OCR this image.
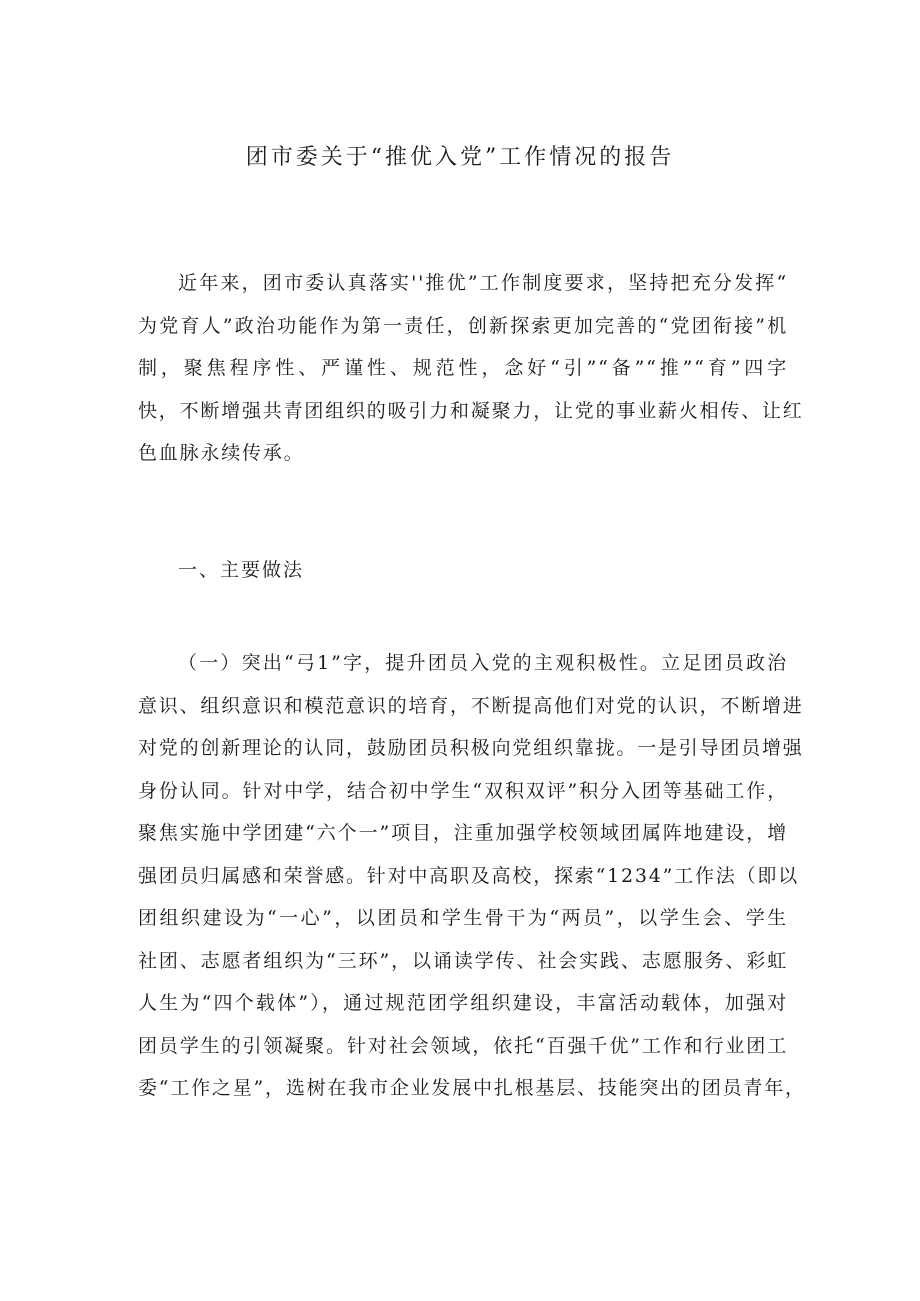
团市委关于“推优入党”工作情况的报告
近年来，团市委认真落实''推优”工作制度要求，坚持把充分发挥“
为党育人”政治功能作为第一责任，创新探索更加完善的“党团衔接”机
制，聚焦程序性、严谨性、规范性，念好“引”“备”“推”“育”四字
快，不断增强共青团组织的吸引力和凝聚力，让党的事业薪火相传、让红
色血脉永续传承。
一、主要做法
（一）突出“弓1”字，提升团员入党的主观积极性。立足团员政治
意识、组织意识和模范意识的培育，不断提高他们对党的认识，不断增进
对党的创新理论的认同，鼓励团员积极向党组织靠拢。一是引导团员增强
身份认同。针对中学，结合初中学生“双积双评”积分入团等基础工作，
聚焦实施中学团建“六个一”项目，注重加强学校领域团属阵地建设，增
强团员归属感和荣誉感。针对中高职及高校，探索“1234”工作法（即以
团组织建设为“一心”，以团员和学生骨干为“两员”，以学生会、学生
社团、志愿者组织为“三环”，以诵读学传、社会实践、志愿服务、彩虹
人生为“四个载体”），通过规范团学组织建设，丰富活动载体，加强对
团员学生的引领凝聚。针对社会领域，依托“百强千优”工作和行业团工
委“工作之星”，选树在我市企业发展中扎根基层、技能突出的团员青年，
